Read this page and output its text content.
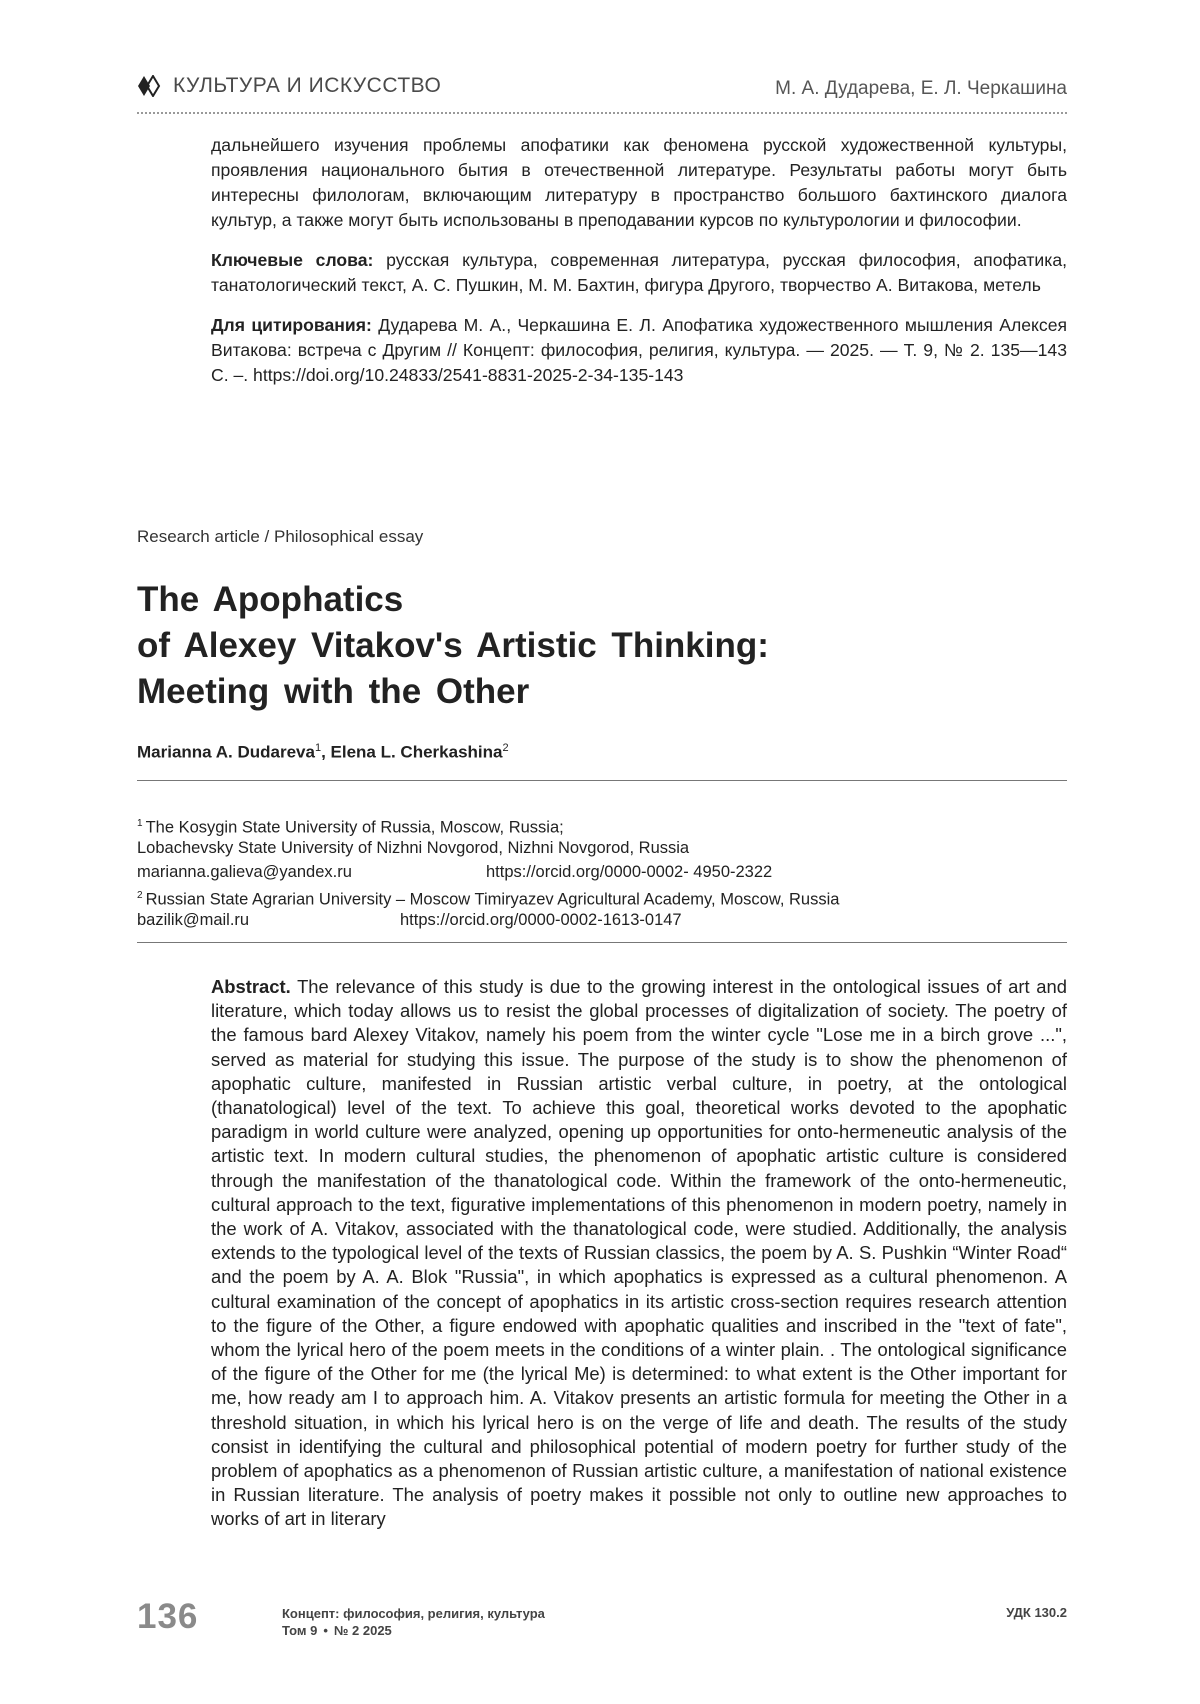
КУЛЬТУРА И ИСКУССТВО	М. А. Дударева, Е. Л. Черкашина

дальнейшего изучения проблемы апофатики как феномена русской художественной культуры, проявления национального бытия в отечественной литературе. Результаты работы могут быть интересны филологам, включающим литературу в пространство большого бахтинского диалога культур, а также могут быть использованы в преподавании курсов по культурологии и философии.

Ключевые слова: русская культура, современная литература, русская философия, апофатика, танатологический текст, А. С. Пушкин, М. М. Бахтин, фигура Другого, творчество А. Витакова, метель

Для цитирования: Дударева М. А., Черкашина Е. Л. Апофатика художественного мышления Алексея Витакова: встреча с Другим // Концепт: философия, религия, культура. — 2025. — Т. 9, № 2. 135—143 С. –. https://doi.org/10.24833/2541-8831-2025-2-34-135-143

Research article / Philosophical essay
The Apophatics
of Alexey Vitakov's Artistic Thinking:
Meeting with the Other
Marianna A. Dudareva$^1$, Elena L. Cherkashina$^2$
$^1$ The Kosygin State University of Russia, Moscow, Russia;
Lobachevsky State University of Nizhni Novgorod, Nizhni Novgorod, Russia
marianna.galieva@yandex.ru	https://orcid.org/0000-0002- 4950-2322
$^2$ Russian State Agrarian University – Moscow Timiryazev Agricultural Academy, Moscow, Russia
bazilik@mail.ru	https://orcid.org/0000-0002-1613-0147

Abstract. The relevance of this study is due to the growing interest in the ontological issues of art and literature, which today allows us to resist the global processes of digitalization of society. The poetry of the famous bard Alexey Vitakov, namely his poem from the winter cycle "Lose me in a birch grove ...", served as material for studying this issue. The purpose of the study is to show the phenomenon of apophatic culture, manifested in Russian artistic verbal culture, in poetry, at the ontological (thanatological) level of the text. To achieve this goal, theoretical works devoted to the apophatic paradigm in world culture were analyzed, opening up opportunities for onto-hermeneutic analysis of the artistic text. In modern cultural studies, the phenomenon of apophatic artistic culture is considered through the manifestation of the thanatological code. Within the framework of the onto-hermeneutic, cultural approach to the text, figurative implementations of this phenomenon in modern poetry, namely in the work of A. Vitakov, associated with the thanatological code, were studied. Additionally, the analysis extends to the typological level of the texts of Russian classics, the poem by A. S. Pushkin “Winter Road“ and the poem by A. A. Blok "Russia", in which apophatics is expressed as a cultural phenomenon. A cultural examination of the concept of apophatics in its artistic cross-section requires research attention to the figure of the Other, a figure endowed with apophatic qualities and inscribed in the "text of fate", whom the lyrical hero of the poem meets in the conditions of a winter plain. . The ontological significance of the figure of the Other for me (the lyrical Me) is determined: to what extent is the Other important for me, how ready am I to approach him. A. Vitakov presents an artistic formula for meeting the Other in a threshold situation, in which his lyrical hero is on the verge of life and death. The results of the study consist in identifying the cultural and philosophical potential of modern poetry for further study of the problem of apophatics as a phenomenon of Russian artistic culture, a manifestation of national existence in Russian literature. The analysis of poetry makes it possible not only to outline new approaches to works of art in literary

136	Концепт: философия, религия, культура
Том 9 • № 2 2025
УДК 130.2
